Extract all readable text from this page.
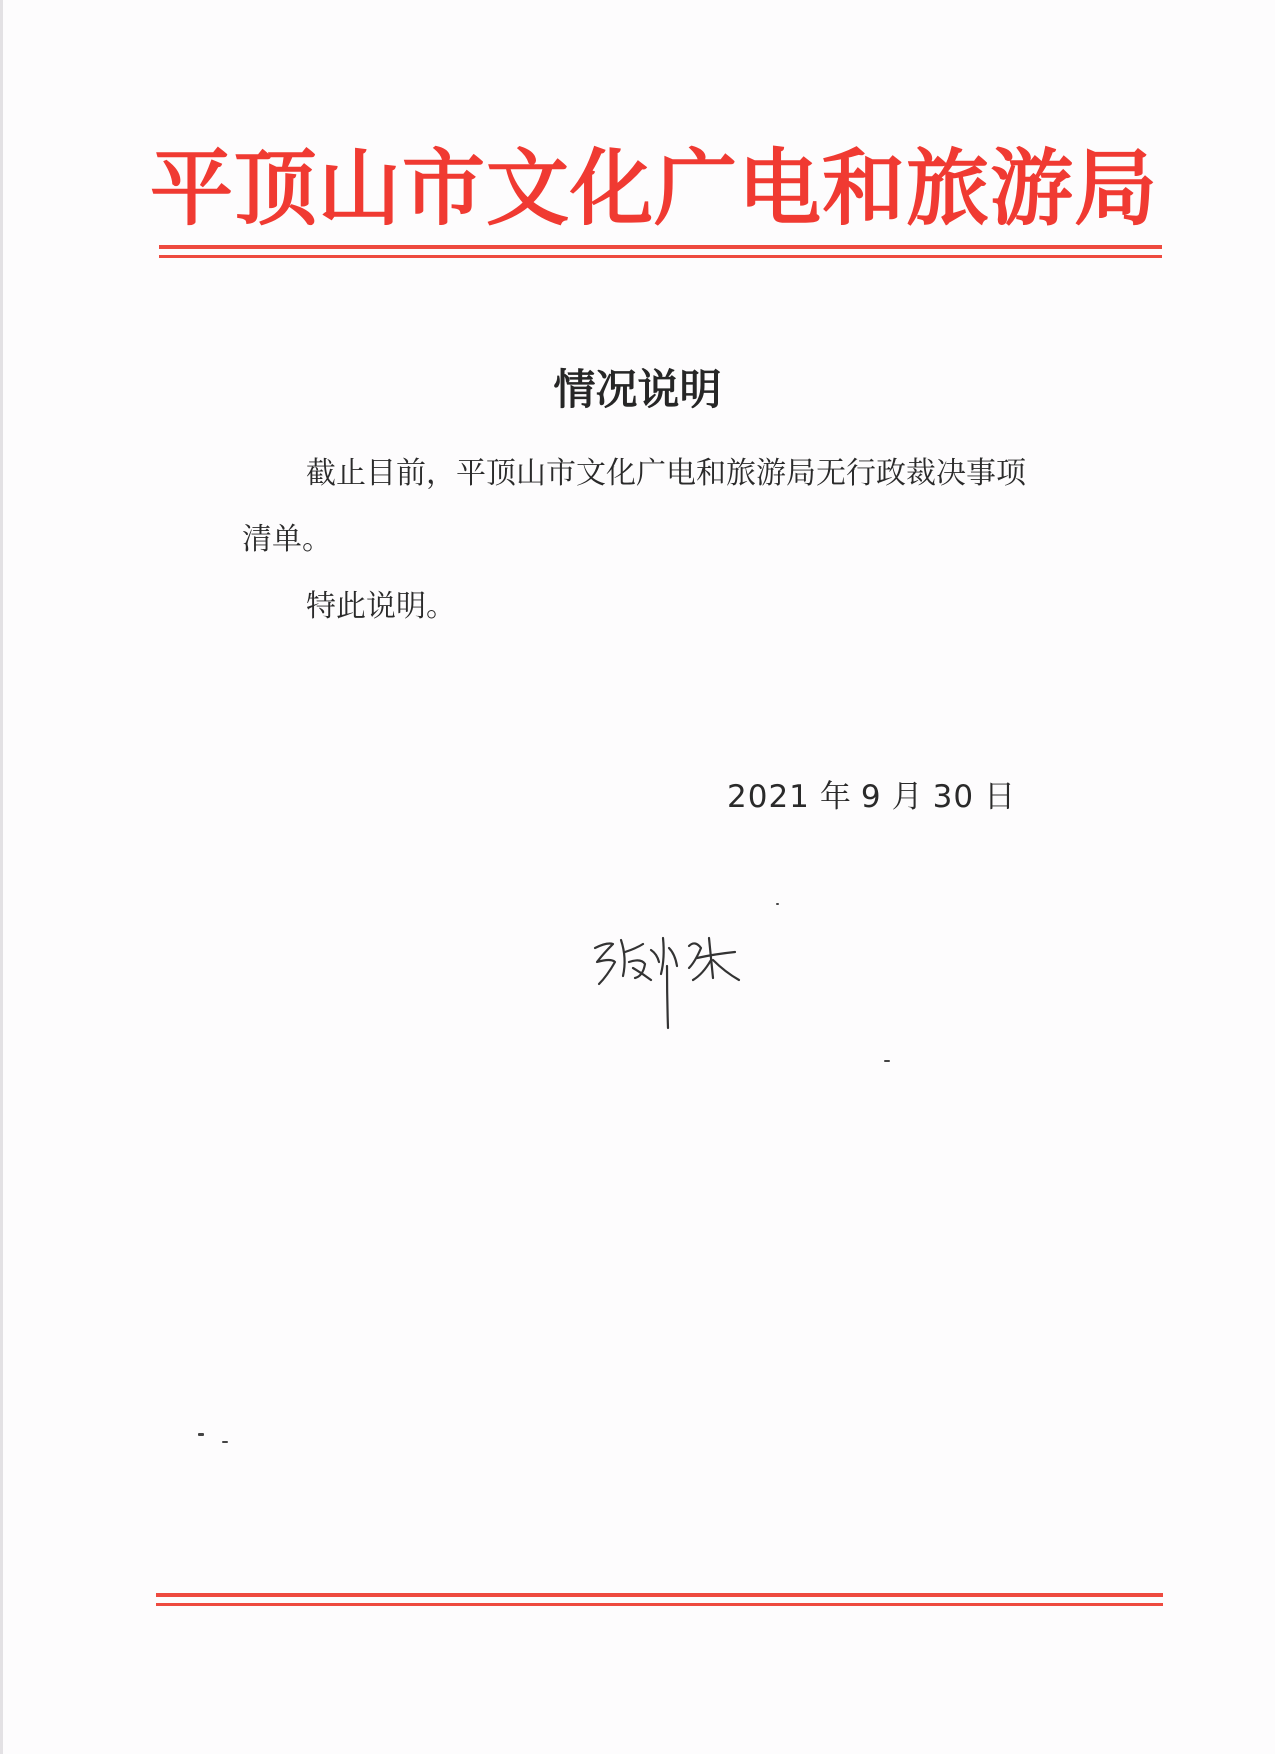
平顶山市文化广电和旅游局
情况说明
截止目前，平顶山市文化广电和旅游局无行政裁决事项
清单。
特此说明。
2021 年 9 月 30 日
